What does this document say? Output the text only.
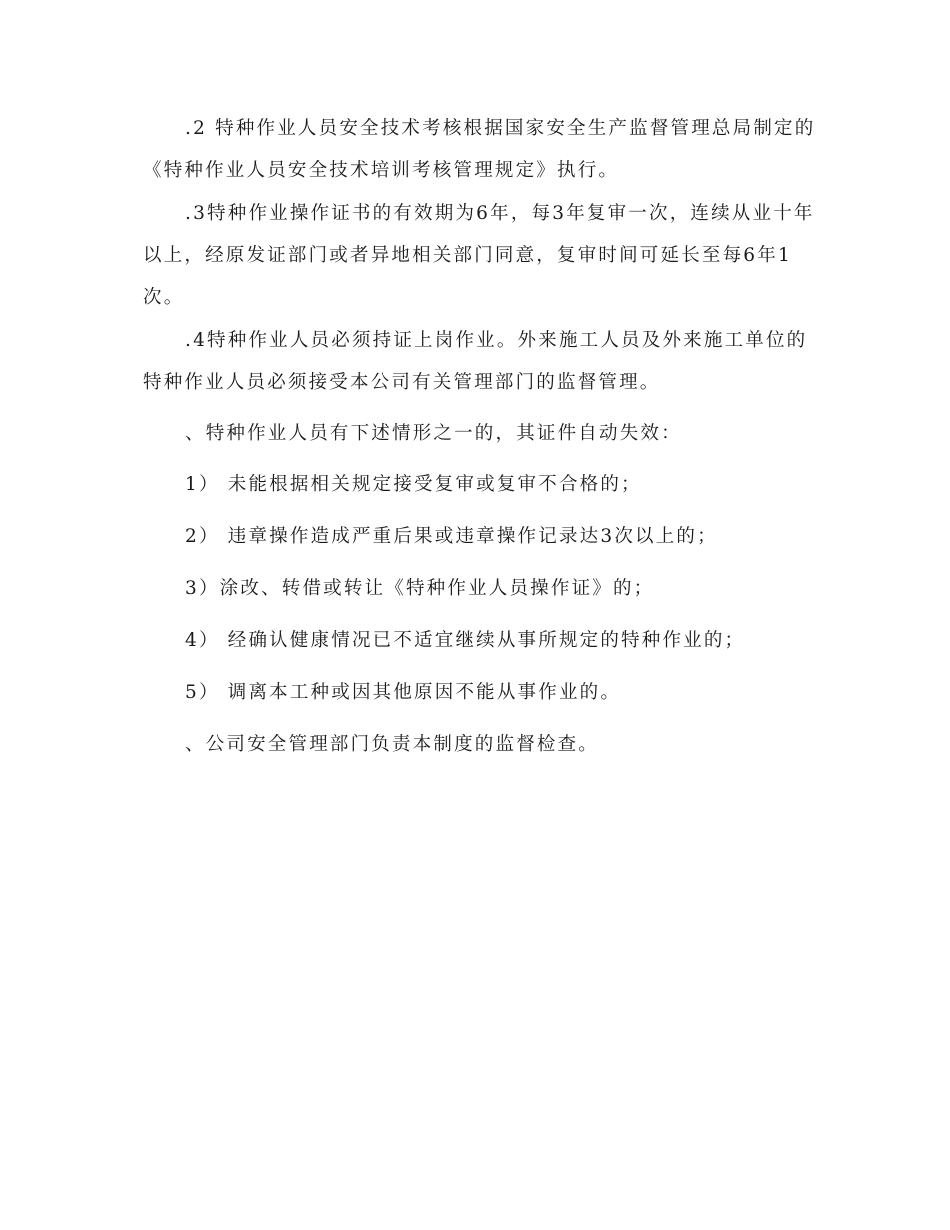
.2 特种作业人员安全技术考核根据国家安全生产监督管理总局制定的《特种作业人员安全技术培训考核管理规定》执行。

.3特种作业操作证书的有效期为6年，每3年复审一次，连续从业十年以上，经原发证部门或者异地相关部门同意，复审时间可延长至每6年1次。

.4特种作业人员必须持证上岗作业。外来施工人员及外来施工单位的特种作业人员必须接受本公司有关管理部门的监督管理。

、特种作业人员有下述情形之一的，其证件自动失效：

1） 未能根据相关规定接受复审或复审不合格的；

2） 违章操作造成严重后果或违章操作记录达3次以上的；

3）涂改、转借或转让《特种作业人员操作证》的；

4） 经确认健康情况已不适宜继续从事所规定的特种作业的；

5） 调离本工种或因其他原因不能从事作业的。

、公司安全管理部门负责本制度的监督检查。
